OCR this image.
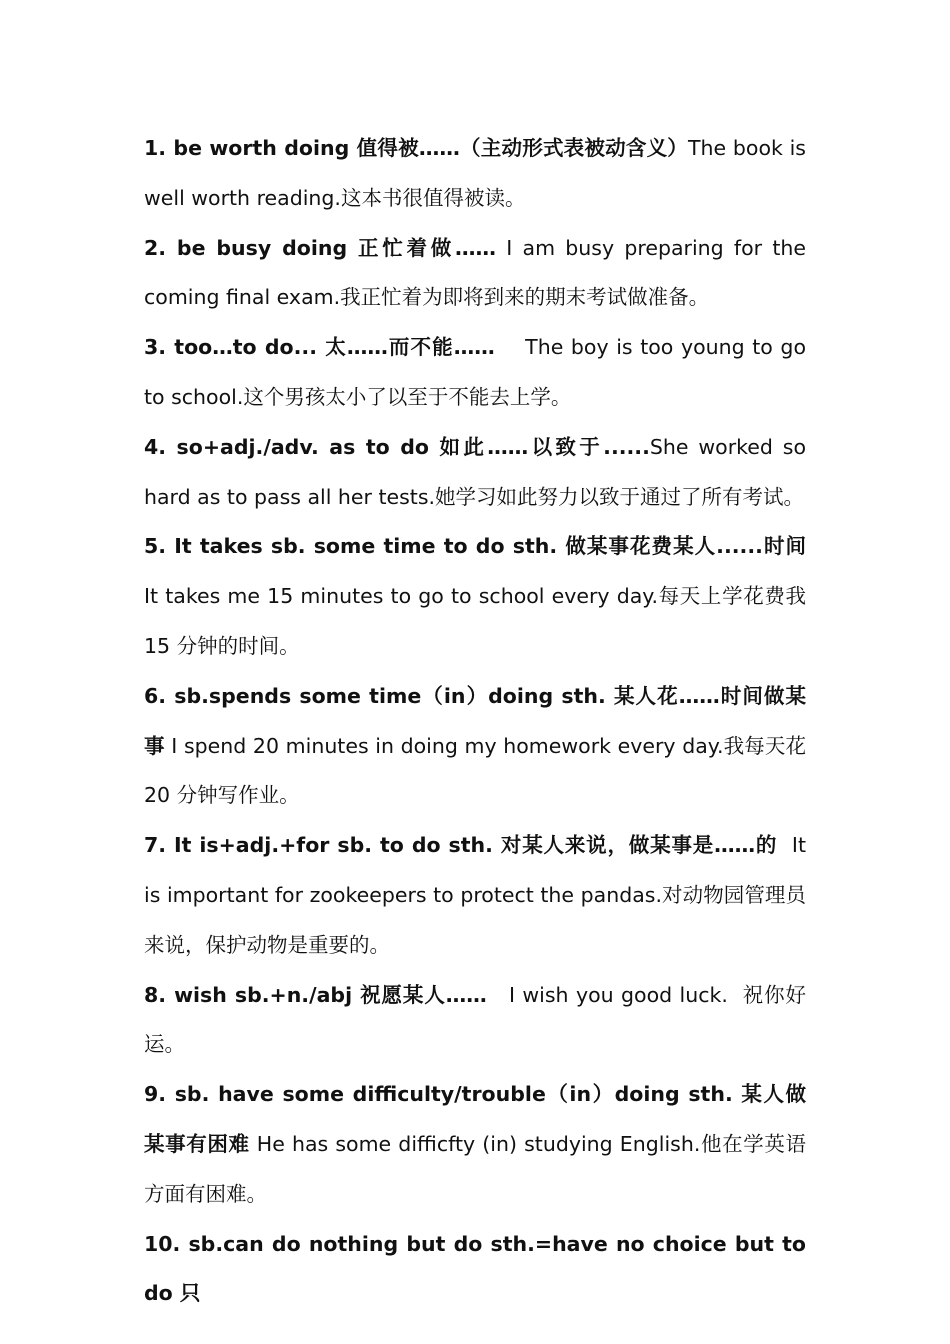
1. be worth doing 值得被……（主动形式表被动含义）The book is well worth reading.这本书很值得被读。

2. be busy doing 正忙着做…… I am busy preparing for the coming final exam.我正忙着为即将到来的期末考试做准备。

3. too…to do... 太……而不能……    The boy is too young to go to school.这个男孩太小了以至于不能去上学。

4. so+adj./adv. as to do 如此……以致于......She worked so hard as to pass all her tests.她学习如此努力以致于通过了所有考试。

5. It takes sb. some time to do sth. 做某事花费某人......时间 It takes me 15 minutes to go to school every day.每天上学花费我 15 分钟的时间。

6. sb.spends some time（in）doing sth. 某人花……时间做某事 I spend 20 minutes in doing my homework every day.我每天花 20 分钟写作业。

7. It is+adj.+for sb. to do sth. 对某人来说，做某事是……的  It is important for zookeepers to protect the pandas.对动物园管理员来说，保护动物是重要的。

8. wish sb.+n./abj 祝愿某人……   I wish you good luck.  祝你好运。

9. sb. have some difficulty/trouble（in）doing sth. 某人做某事有困难 He has some difficfty (in) studying English.他在学英语方面有困难。

10. sb.can do nothing but do sth.=have no choice but to do 只
